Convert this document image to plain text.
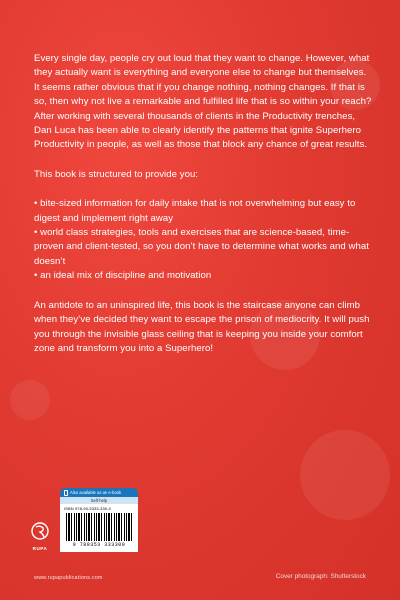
Every single day, people cry out loud that they want to change. However, what they actually want is everything and everyone else to change but themselves.

It seems rather obvious that if you change nothing, nothing changes. If that is so, then why not live a remarkable and fulfilled life that is so within your reach?

After working with several thousands of clients in the Productivity trenches, Dan Luca has been able to clearly identify the patterns that ignite Superhero Productivity in people, as well as those that block any chance of great results.

This book is structured to provide you:

• bite-sized information for daily intake that is not overwhelming but easy to digest and implement right away

• world class strategies, tools and exercises that are science-based, time-proven and client-tested, so you don’t have to determine what works and what doesn’t

• an ideal mix of discipline and motivation

An antidote to an uninspired life, this book is the staircase anyone can climb when they’ve decided they want to escape the prison of mediocrity. It will push you through the invisible glass ceiling that is keeping you inside your comfort zone and transform you into a Superhero!

RUPA
Also available as an e-book
Self-help
ISBN 978-93-5333-330-0
9 789353 333300
www.rupapublications.com	Cover photograph: Shutterstock
